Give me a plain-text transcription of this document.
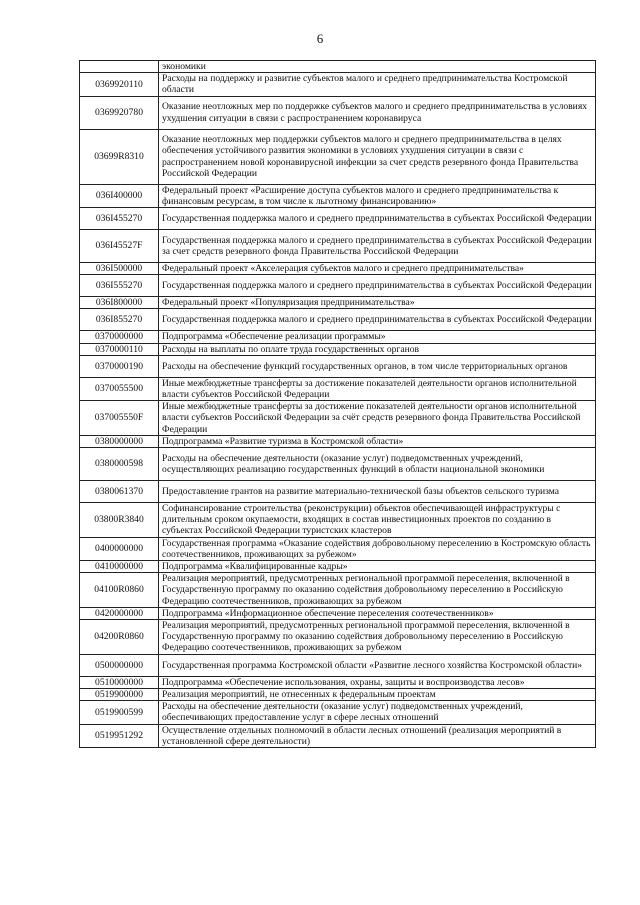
6
	экономики
0369920110	Расходы на поддержку и развитие субъектов малого и среднего предпринимательства Костромской области
0369920780	Оказание неотложных мер по поддержке субъектов малого и среднего предпринимательства в условиях ухудшения ситуации в связи с распространением коронавируса
03699R8310	Оказание неотложных мер поддержки субъектов малого и среднего предпринимательства в целях обеспечения устойчивого развития экономики в условиях ухудшения ситуации в связи с распространением новой коронавирусной инфекции за счет средств резервного фонда Правительства Российской Федерации
036I400000	Федеральный проект «Расширение доступа субъектов малого и среднего предпринимательства к финансовым ресурсам, в том числе к льготному финансированию»
036I455270	Государственная поддержка малого и среднего предпринимательства в субъектах Российской Федерации
036I45527F	Государственная поддержка малого и среднего предпринимательства в субъектах Российской Федерации за счет средств резервного фонда Правительства Российской Федерации
036I500000	Федеральный проект «Акселерация субъектов малого и среднего предпринимательства»
036I555270	Государственная поддержка малого и среднего предпринимательства в субъектах Российской Федерации
036I800000	Федеральный проект «Популяризация предпринимательства»
036I855270	Государственная поддержка малого и среднего предпринимательства в субъектах Российской Федерации
0370000000	Подпрограмма «Обеспечение реализации программы»
0370000110	Расходы на выплаты по оплате труда государственных органов
0370000190	Расходы на обеспечение функций государственных органов, в том числе территориальных органов
0370055500	Иные межбюджетные трансферты за достижение показателей деятельности органов исполнительной власти субъектов Российской Федерации
037005550F	Иные межбюджетные трансферты за достижение показателей деятельности органов исполнительной власти субъектов Российской Федерации за счёт средств резервного фонда Правительства Российской Федерации
0380000000	Подпрограмма «Развитие туризма в Костромской области»
0380000598	Расходы на обеспечение деятельности (оказание услуг) подведомственных учреждений, осуществляющих реализацию государственных функций в области национальной экономики
0380061370	Предоставление грантов на развитие материально-технической базы объектов сельского туризма
03800R3840	Софинансирование строительства (реконструкции) объектов обеспечивающей инфраструктуры с длительным сроком окупаемости, входящих в состав инвестиционных проектов по созданию в субъектах Российской Федерации туристских кластеров
0400000000	Государственная программа «Оказание содействия добровольному переселению в Костромскую область соотечественников, проживающих за рубежом»
0410000000	Подпрограмма «Квалифицированные кадры»
04100R0860	Реализация мероприятий, предусмотренных региональной программой переселения, включенной в Государственную программу по оказанию содействия добровольному переселению в Российскую Федерацию соотечественников, проживающих за рубежом
0420000000	Подпрограмма «Информационное обеспечение переселения соотечественников»
04200R0860	Реализация мероприятий, предусмотренных региональной программой переселения, включенной в Государственную программу по оказанию содействия добровольному переселению в Российскую Федерацию соотечественников, проживающих за рубежом
0500000000	Государственная программа Костромской области «Развитие лесного хозяйства Костромской области»
0510000000	Подпрограмма «Обеспечение использования, охраны, защиты и воспроизводства лесов»
0519900000	Реализация мероприятий, не отнесенных к федеральным проектам
0519900599	Расходы на обеспечение деятельности (оказание услуг) подведомственных учреждений, обеспечивающих предоставление услуг в сфере лесных отношений
0519951292	Осуществление отдельных полномочий в области лесных отношений (реализация мероприятий в установленной сфере деятельности)
